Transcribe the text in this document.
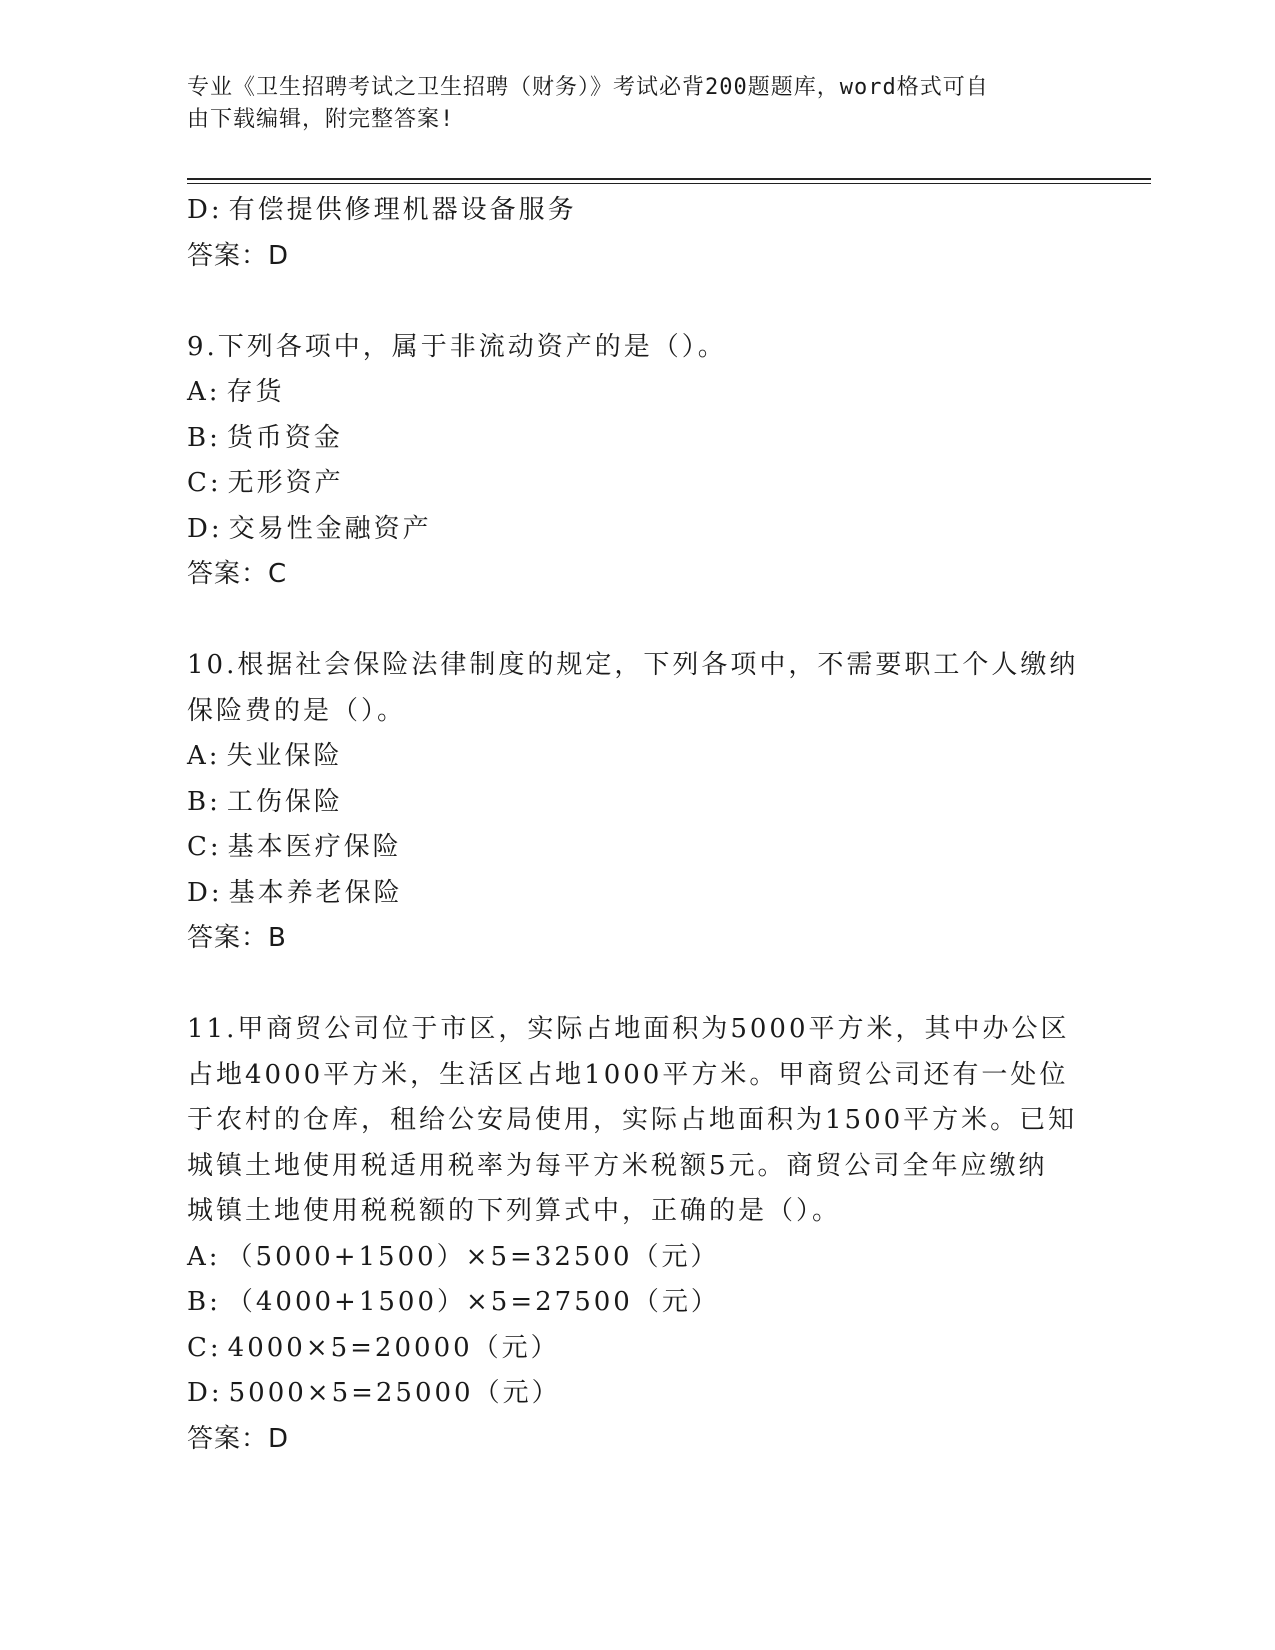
专业《卫生招聘考试之卫生招聘（财务）》考试必背200题题库，word格式可自
由下载编辑，附完整答案!
D: 有偿提供修理机器设备服务
答案：D
9.下列各项中，属于非流动资产的是（）。
A: 存货
B: 货币资金
C: 无形资产
D: 交易性金融资产
答案：C
10.根据社会保险法律制度的规定，下列各项中，不需要职工个人缴纳
保险费的是（）。
A: 失业保险
B: 工伤保险
C: 基本医疗保险
D: 基本养老保险
答案：B
11.甲商贸公司位于市区，实际占地面积为5000平方米，其中办公区
占地4000平方米，生活区占地1000平方米。甲商贸公司还有一处位
于农村的仓库，租给公安局使用，实际占地面积为1500平方米。已知
城镇土地使用税适用税率为每平方米税额5元。商贸公司全年应缴纳
城镇土地使用税税额的下列算式中，正确的是（）。
A: （5000+1500）×5=32500（元）
B: （4000+1500）×5=27500（元）
C: 4000×5=20000（元）
D: 5000×5=25000（元）
答案：D
